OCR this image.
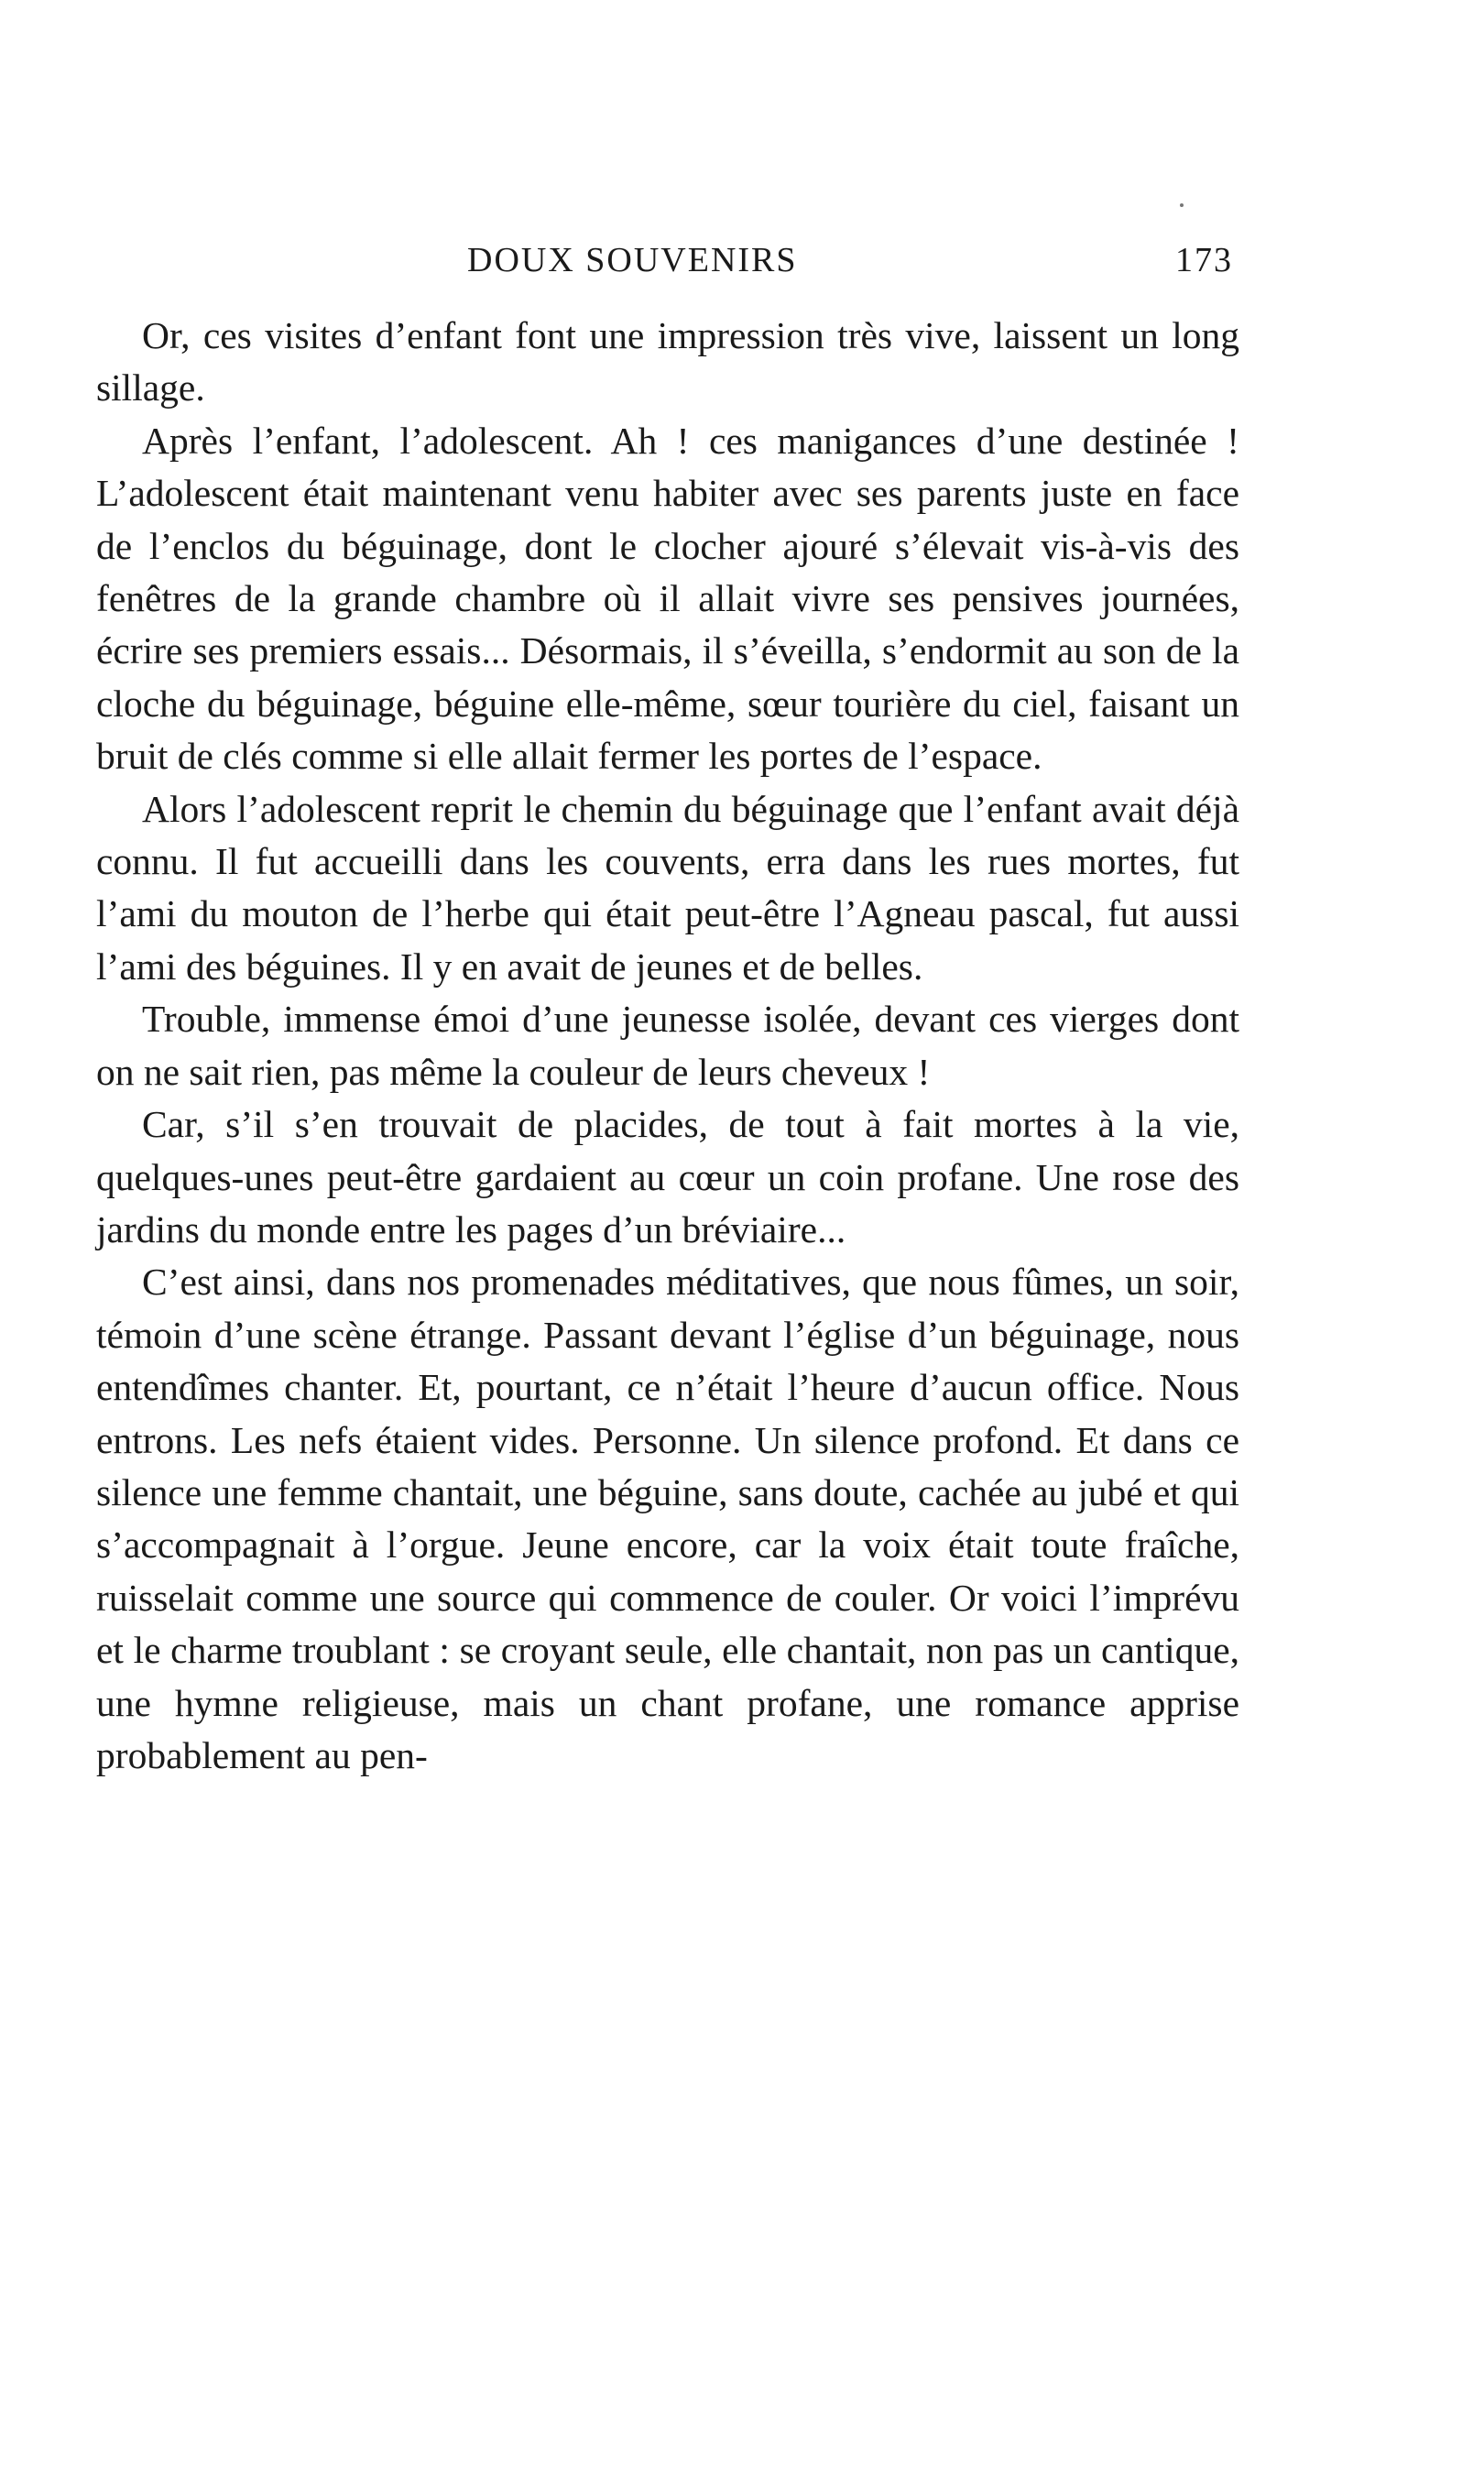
DOUX SOUVENIRS	173

Or, ces visites d’enfant font une impression très vive, laissent un long sillage.

Après l’enfant, l’adolescent. Ah ! ces manigances d’une destinée ! L’adolescent était maintenant venu habiter avec ses parents juste en face de l’enclos du béguinage, dont le clocher ajouré s’élevait vis-à-vis des fenêtres de la grande chambre où il allait vivre ses pensives journées, écrire ses premiers essais... Désormais, il s’éveilla, s’endormit au son de la cloche du béguinage, béguine elle-même, sœur tourière du ciel, faisant un bruit de clés comme si elle allait fermer les portes de l’espace.

Alors l’adolescent reprit le chemin du béguinage que l’enfant avait déjà connu. Il fut accueilli dans les couvents, erra dans les rues mortes, fut l’ami du mouton de l’herbe qui était peut-être l’Agneau pascal, fut aussi l’ami des béguines. Il y en avait de jeunes et de belles.

Trouble, immense émoi d’une jeunesse isolée, devant ces vierges dont on ne sait rien, pas même la couleur de leurs cheveux !

Car, s’il s’en trouvait de placides, de tout à fait mortes à la vie, quelques-unes peut-être gardaient au cœur un coin profane. Une rose des jardins du monde entre les pages d’un bréviaire...

C’est ainsi, dans nos promenades méditatives, que nous fûmes, un soir, témoin d’une scène étrange. Passant devant l’église d’un béguinage, nous entendîmes chanter. Et, pourtant, ce n’était l’heure d’aucun office. Nous entrons. Les nefs étaient vides. Personne. Un silence profond. Et dans ce silence une femme chantait, une béguine, sans doute, cachée au jubé et qui s’accompagnait à l’orgue. Jeune encore, car la voix était toute fraîche, ruisselait comme une source qui commence de couler. Or voici l’imprévu et le charme troublant : se croyant seule, elle chantait, non pas un cantique, une hymne religieuse, mais un chant profane, une romance apprise probablement au pen-
